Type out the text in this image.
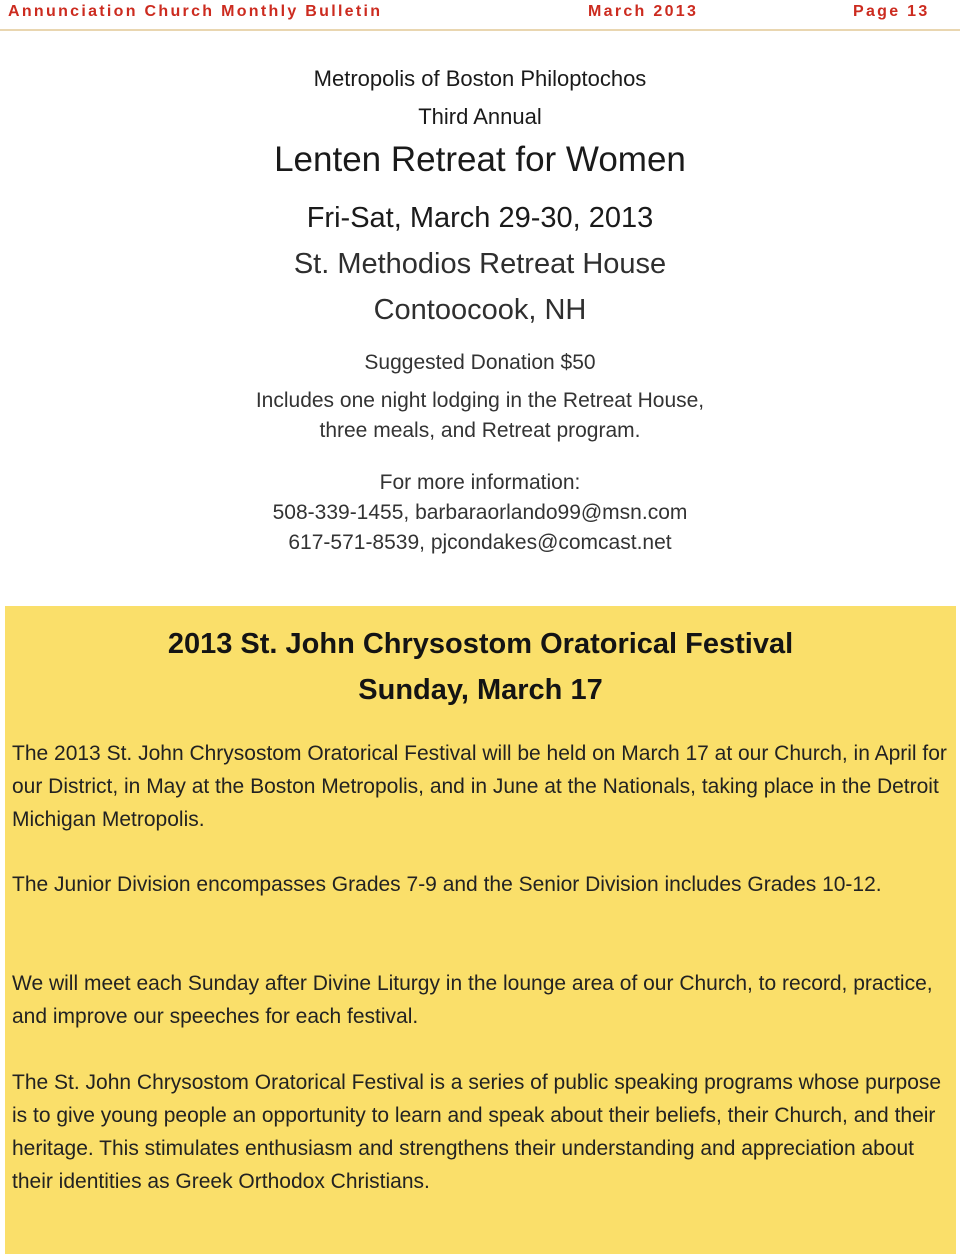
Annunciation Church Monthly Bulletin	March 2013	Page 13
Metropolis of Boston Philoptochos
Third Annual
Lenten Retreat for Women
Fri-Sat, March 29-30, 2013
St. Methodios Retreat House
Contoocook, NH
Suggested Donation $50
Includes one night lodging in the Retreat House,
three meals, and Retreat program.
For more information:
508-339-1455, barbaraorlando99@msn.com
617-571-8539, pjcondakes@comcast.net
2013 St. John Chrysostom Oratorical Festival
Sunday, March 17

The 2013 St. John Chrysostom Oratorical Festival will be held on March 17 at our Church, in April for our District, in May at the Boston Metropolis, and in June at the Nationals, taking place in the Detroit Michigan Metropolis.

The Junior Division encompasses Grades 7-9 and the Senior Division includes Grades 10-12.

We will meet each Sunday after Divine Liturgy in the lounge area of our Church, to record, practice, and improve our speeches for each festival.

The St. John Chrysostom Oratorical Festival is a series of public speaking programs whose purpose is to give young people an opportunity to learn and speak about their beliefs, their Church, and their heritage. This stimulates enthusiasm and strengthens their understanding and appreciation about their identities as Greek Orthodox Christians.
